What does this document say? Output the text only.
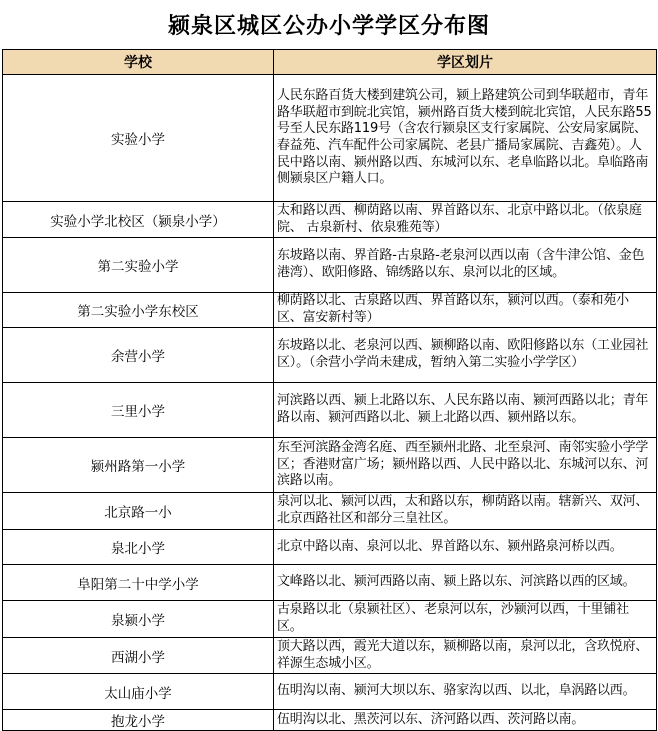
颍泉区城区公办小学学区分布图
学校	学区划片
实验小学	人民东路百货大楼到建筑公司，颍上路建筑公司到华联超市，青年路华联超市到皖北宾馆，颍州路百货大楼到皖北宾馆，人民东路55号至人民东路119号（含农行颍泉区支行家属院、公安局家属院、春益苑、汽车配件公司家属院、老县广播局家属院、吉鑫苑）。人民中路以南、颍州路以西、东城河以东、老阜临路以北。阜临路南侧颍泉区户籍人口。
实验小学北校区（颍泉小学）	太和路以西、柳荫路以南、界首路以东、北京中路以北。（依泉庭院、 古泉新村、依泉雅苑等）
第二实验小学	东坡路以南、界首路-古泉路-老泉河以西以南（含牛津公馆、金色港湾）、欧阳修路、锦绣路以东、泉河以北的区域。
第二实验小学东校区	柳荫路以北、古泉路以西、界首路以东，颍河以西。（泰和苑小区、富安新村等）
余营小学	东坡路以北、老泉河以西、颍柳路以南、欧阳修路以东（工业园社区）。（余营小学尚未建成，暂纳入第二实验小学学区）
三里小学	河滨路以西、颍上北路以东、人民东路以南、颍河西路以北；青年路以南、颍河西路以北、颍上北路以西、颍州路以东。
颍州路第一小学	东至河滨路金湾名庭、西至颍州北路、北至泉河、南邻实验小学学区；香港财富广场；颍州路以西、人民中路以北、东城河以东、河滨路以南。
北京路一小	泉河以北、颍河以西，太和路以东，柳荫路以南。辖新兴、双河、北京西路社区和部分三皇社区。
泉北小学	北京中路以南、泉河以北、界首路以东、颍州路泉河桥以西。
阜阳第二十中学小学	文峰路以北、颍河西路以南、颍上路以东、河滨路以西的区域。
泉颍小学	古泉路以北（泉颍社区）、老泉河以东，沙颍河以西，十里铺社区。
西湖小学	顶大路以西，霞光大道以东，颍柳路以南，泉河以北，含玖悦府、祥源生态城小区。
太山庙小学	伍明沟以南、颍河大坝以东、骆家沟以西、以北，阜涡路以西。
抱龙小学	伍明沟以北、黑茨河以东、济河路以西、茨河路以南。
